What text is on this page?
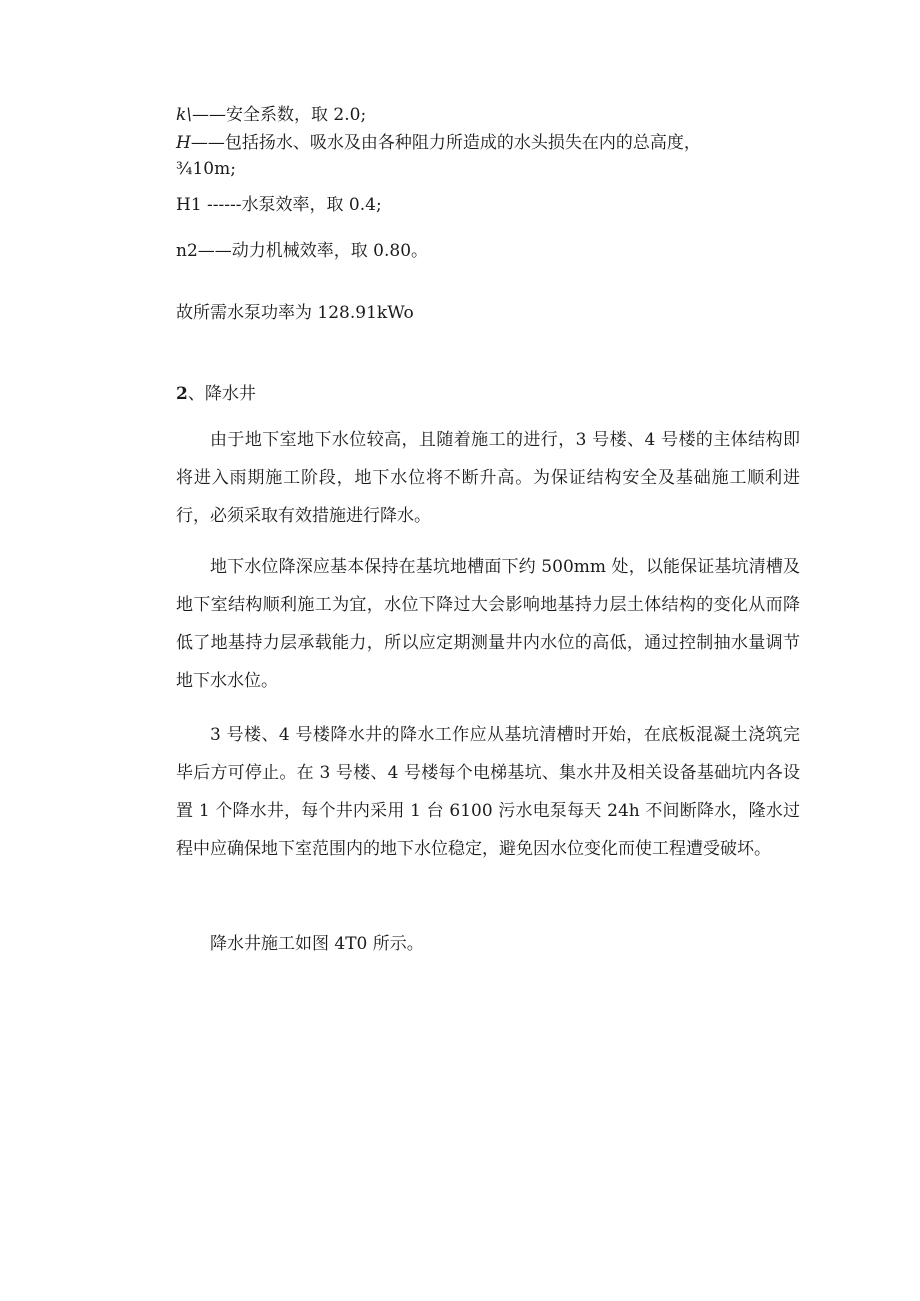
k\——安全系数，取 2.0;
H——包括扬水、吸水及由各种阻力所造成的水头损失在内的总高度，
¾10m;
H1 ------水泵效率，取 0.4;
n2——动力机械效率，取 0.80。
故所需水泵功率为 128.91kWo
2、降水井
由于地下室地下水位较高，且随着施工的进行，3 号楼、4 号楼的主体结构即将进入雨期施工阶段，地下水位将不断升高。为保证结构安全及基础施工顺利进行，必须采取有效措施进行降水。
地下水位降深应基本保持在基坑地槽面下约 500mm 处，以能保证基坑清槽及地下室结构顺利施工为宜，水位下降过大会影响地基持力层土体结构的变化从而降低了地基持力层承载能力，所以应定期测量井内水位的高低，通过控制抽水量调节地下水水位。
3 号楼、4 号楼降水井的降水工作应从基坑清槽时开始，在底板混凝土浇筑完毕后方可停止。在 3 号楼、4 号楼每个电梯基坑、集水井及相关设备基础坑内各设置 1 个降水井，每个井内采用 1 台 6100 污水电泵每天 24h 不间断降水，隆水过程中应确保地下室范围内的地下水位稳定，避免因水位变化而使工程遭受破坏。
降水井施工如图 4T0 所示。
